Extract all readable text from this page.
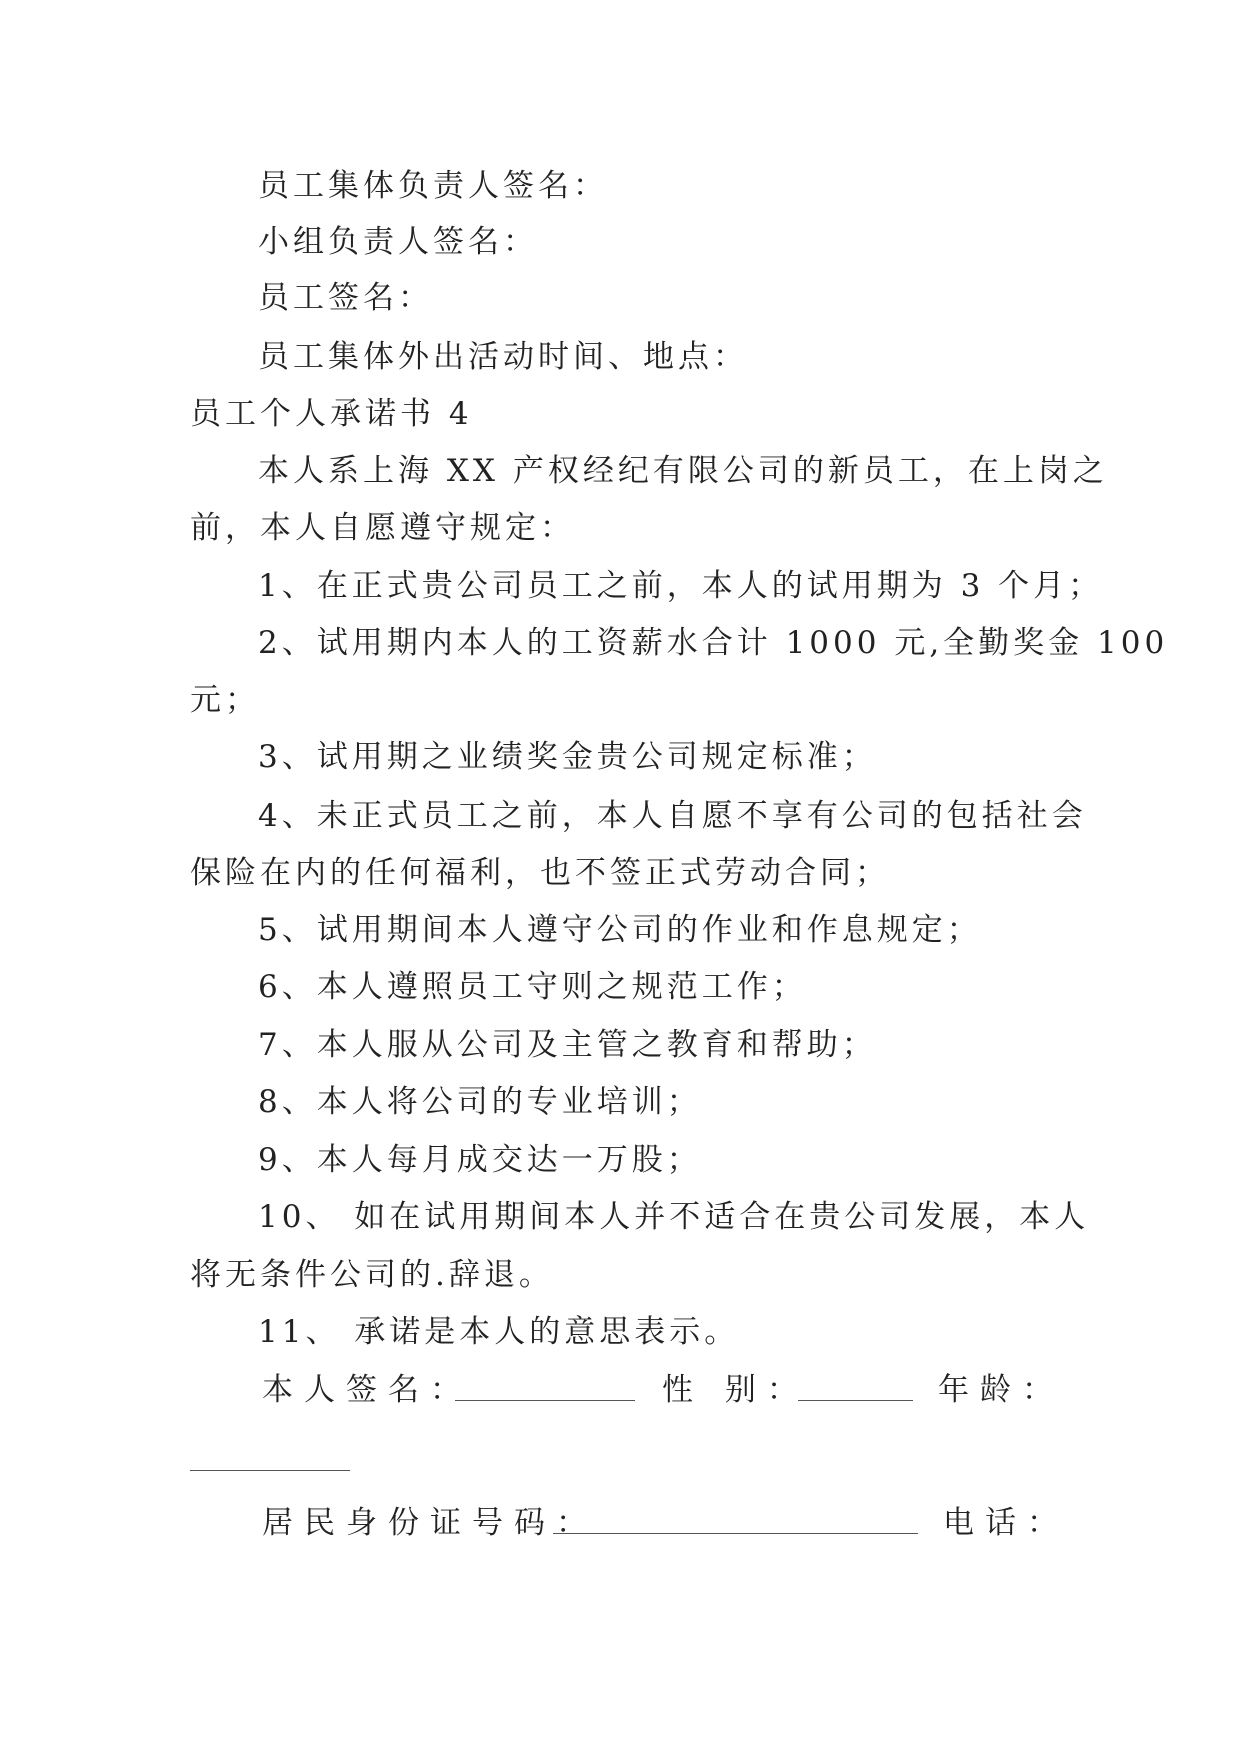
员工集体负责人签名：
小组负责人签名：
员工签名：
员工集体外出活动时间、地点：
员工个人承诺书 4
本人系上海 XX 产权经纪有限公司的新员工，在上岗之
前，本人自愿遵守规定：
1、在正式贵公司员工之前，本人的试用期为 3 个月；
2、试用期内本人的工资薪水合计 1000 元,全勤奖金 100
元；
3、试用期之业绩奖金贵公司规定标准；
4、未正式员工之前，本人自愿不享有公司的包括社会
保险在内的任何福利，也不签正式劳动合同；
5、试用期间本人遵守公司的作业和作息规定；
6、本人遵照员工守则之规范工作；
7、本人服从公司及主管之教育和帮助；
8、本人将公司的专业培训；
9、本人每月成交达一万股；
10、 如在试用期间本人并不适合在贵公司发展，本人
将无条件公司的.辞退。
11、 承诺是本人的意思表示。
本人签名：	性 别：	年龄：
居民身份证号码：	电话：
